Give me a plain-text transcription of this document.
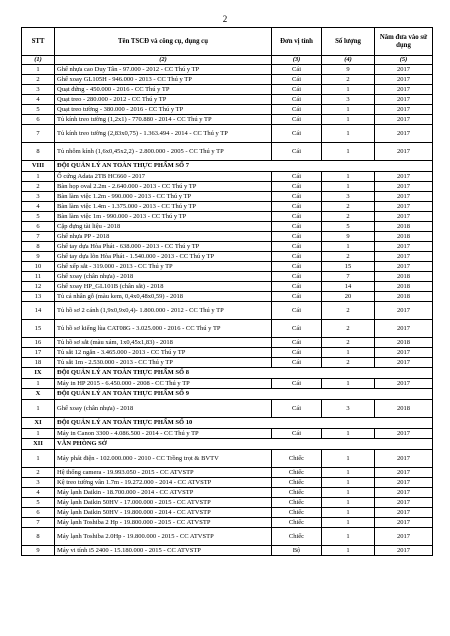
2
STT	Tên TSCĐ và công cụ, dụng cụ	Đơn vị tính	Số lượng	Năm đưa vào sử dụng
(1)	(2)	(3)	(4)	(5)
1	Ghế nhựa cao Duy Tân - 97.000 - 2012 - CC Thú y TP	Cái	9	2017
2	Ghế xoay GL105H - 946.000 - 2013 - CC Thú y TP	Cái	2	2017
3	Quạt đứng - 450.000 - 2016 - CC Thú y TP	Cái	1	2017
4	Quạt treo - 280.000 - 2012 - CC Thú y TP	Cái	3	2017
5	Quạt treo tường - 380.000 - 2016 - CC Thú y TP	Cái	1	2017
6	Tủ kính treo tường (1,2x1) - 770.880 - 2014 - CC Thú y TP	Cái	1	2017
7	Tủ kính treo tường (2,83x0,75) - 1.363.494 - 2014 - CC Thú y TP	Cái	1	2017
8	Tủ nhôm kính (1,6x0,45x2,2) - 2.800.000 - 2005 - CC Thú y TP	Cái	1	2017
VIII	ĐỘI QUẢN LÝ AN TOÀN THỰC PHẨM SỐ 7			
1	Ổ cứng Adata 2TB HC660 - 2017	Cái	1	2017
2	Bàn họp oval 2.2m - 2.640.000 - 2013 - CC Thú y TP	Cái	1	2017
3	Bàn làm việc 1.2m - 990.000 - 2013 - CC Thú y TP	Cái	3	2017
4	Bàn làm việc 1.4m - 1.375.000 - 2013 - CC Thú y TP	Cái	2	2017
5	Bàn làm việc 1m - 990.000 - 2013 - CC Thú y TP	Cái	2	2017
6	Cặp đựng tài liệu - 2018	Cái	5	2018
7	Ghế nhựa PP - 2018	Cái	9	2018
8	Ghế tay dựa Hòa Phát - 638.000 - 2013 - CC Thú y TP	Cái	1	2017
9	Ghế tay dựa lõn Hòa Phát - 1.540.000 - 2013 - CC Thú y TP	Cái	2	2017
10	Ghế xếp sắt - 319.000 - 2013 - CC Thú y TP	Cái	15	2017
11	Ghế xoay (chân nhựa) - 2018	Cái	7	2018
12	Ghế xoay HP_GL101B (chân sắt) - 2018	Cái	14	2018
13	Tủ cá nhân gỗ (màu kem, 0,4x0,48x0,59) - 2018	Cái	20	2018
14	Tủ hồ sơ 2 cánh (1,9x0,9x0,4)- 1.800.000 - 2012 - CC Thú y TP	Cái	2	2017
15	Tủ hồ sơ kiếng lùa CAT08G - 3.025.000 - 2016 - CC Thú y TP	Cái	2	2017
16	Tủ hồ sơ sắt (màu xám, 1x0,45x1,83) - 2018	Cái	2	2018
17	Tủ sắt 12 ngăn - 3.465.000 - 2013 - CC Thú y TP	Cái	1	2017
18	Tủ sắt 1m - 2.530.000 - 2013 - CC Thú y TP	Cái	2	2017
IX	ĐỘI QUẢN LÝ AN TOÀN THỰC PHẨM SỐ 8			
1	Máy in HP 2015 - 6.450.000 - 2008 - CC Thú y TP	Cái	1	2017
X	ĐỘI QUẢN LÝ AN TOÀN THỰC PHẨM SỐ 9			
1	Ghế xoay (chân nhựa) - 2018	Cái	3	2018
XI	ĐỘI QUẢN LÝ AN TOÀN THỰC PHẨM SỐ 10			
1	Máy in Canon 3300 - 4.086.500 - 2014 - CC Thú y TP	Cái	1	2017
XII	VĂN PHÒNG SỞ			
1	Máy phát điện - 102.000.000 - 2010 - CC Trồng trọt & BVTV	Chiếc	1	2017
2	Hệ thống camera - 19.993.050 - 2015 - CC ATVSTP	Chiếc	1	2017
3	Kệ treo tường vân 1.7m - 19.272.000 - 2014 - CC ATVSTP	Chiếc	1	2017
4	Máy lạnh Daikin - 18.700.000 - 2014 - CC ATVSTP	Chiếc	1	2017
5	Máy lạnh Daikin 50HV - 17.000.000 - 2015 - CC ATVSTP	Chiếc	1	2017
6	Máy lạnh Daikin 50HV - 19.800.000 - 2014 - CC ATVSTP	Chiếc	1	2017
7	Máy lạnh Toshiba 2 Hp - 19.800.000 - 2015 - CC ATVSTP	Chiếc	1	2017
8	Máy lạnh Toshiba 2.0Hp - 19.800.000 - 2015 - CC ATVSTP	Chiếc	1	2017
9	Máy vi tính i5 2400 - 15.180.000 - 2015 - CC ATVSTP	Bộ	1	2017
